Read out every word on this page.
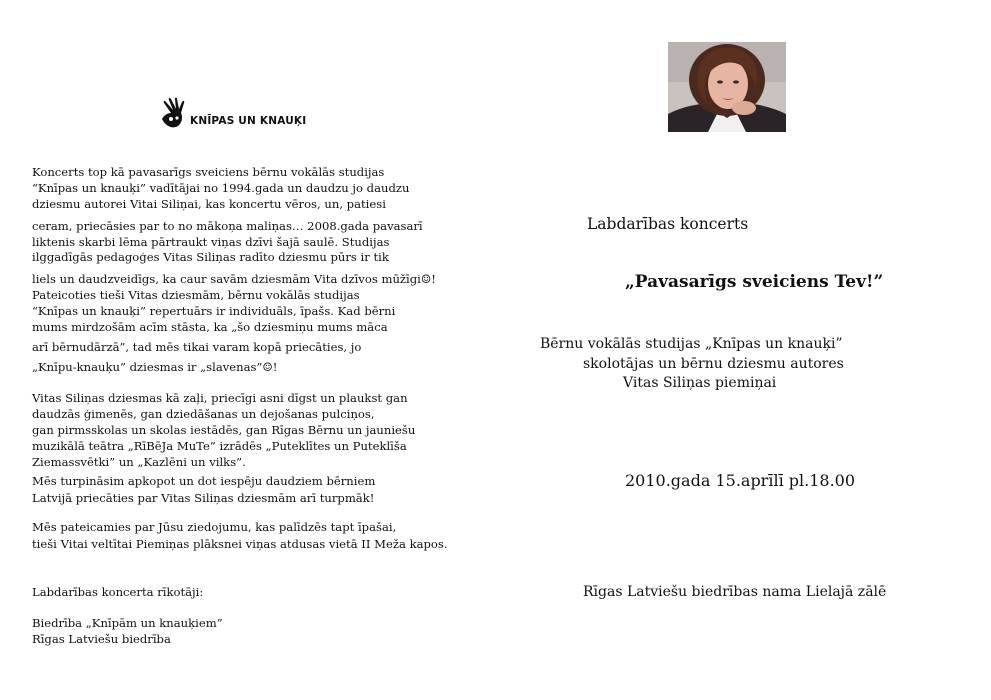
KNĪPAS UN KNAUĶI
Koncerts top kā pavasarīgs sveiciens bērnu vokālās studijas
“Knīpas un knauķi” vadītājai no 1994.gada un daudzu jo daudzu
dziesmu autorei Vitai Siliņai, kas koncertu vēros, un, patiesi
ceram, priecāsies par to no mākoņa maliņas… 2008.gada pavasarī
liktenis skarbi lēma pārtraukt viņas dzīvi šajā saulē. Studijas
ilggadīgās pedagoģes Vitas Siliņas radīto dziesmu pūrs ir tik
liels un daudzveidīgs, ka caur savām dziesmām Vita dzīvos mūžīgi☺!
Pateicoties tieši Vitas dziesmām, bērnu vokālās studijas
“Knīpas un knauķi” repertuārs ir individuāls, īpašs. Kad bērni
mums mirdzošām acīm stāsta, ka „šo dziesmiņu mums māca
arī bērnudārzā”, tad mēs tikai varam kopā priecāties, jo
„Knīpu-knauķu” dziesmas ir „slavenas”☺!
Vitas Siliņas dziesmas kā zaļi, priecīgi asni dīgst un plaukst gan
daudzās ģimenēs, gan dziedāšanas un dejošanas pulciņos,
gan pirmsskolas un skolas iestādēs, gan Rīgas Bērnu un jauniešu
muzikālā teātra „RīBēJa MuTe” izrādēs „Puteklītes un Puteklīša
Ziemassvētki” un „Kazlēni un vilks”.
Mēs turpināsim apkopot un dot iespēju daudziem bērniem
Latvijā priecāties par Vitas Siliņas dziesmām arī turpmāk!
Mēs pateicamies par Jūsu ziedojumu, kas palīdzēs tapt īpašai,
tieši Vitai veltītai Piemiņas plāksnei viņas atdusas vietā II Meža kapos.
Labdarības koncerta rīkotāji:
Biedrība „Knīpām un knauķiem”
Rīgas Latviešu biedrība
Labdarības koncerts
„Pavasarīgs sveiciens Tev!”
Bērnu vokālās studijas „Knīpas un knauķi”
skolotājas un bērnu dziesmu autores
Vitas Siliņas piemiņai
2010.gada 15.aprīlī pl.18.00
Rīgas Latviešu biedrības nama Lielajā zālē
